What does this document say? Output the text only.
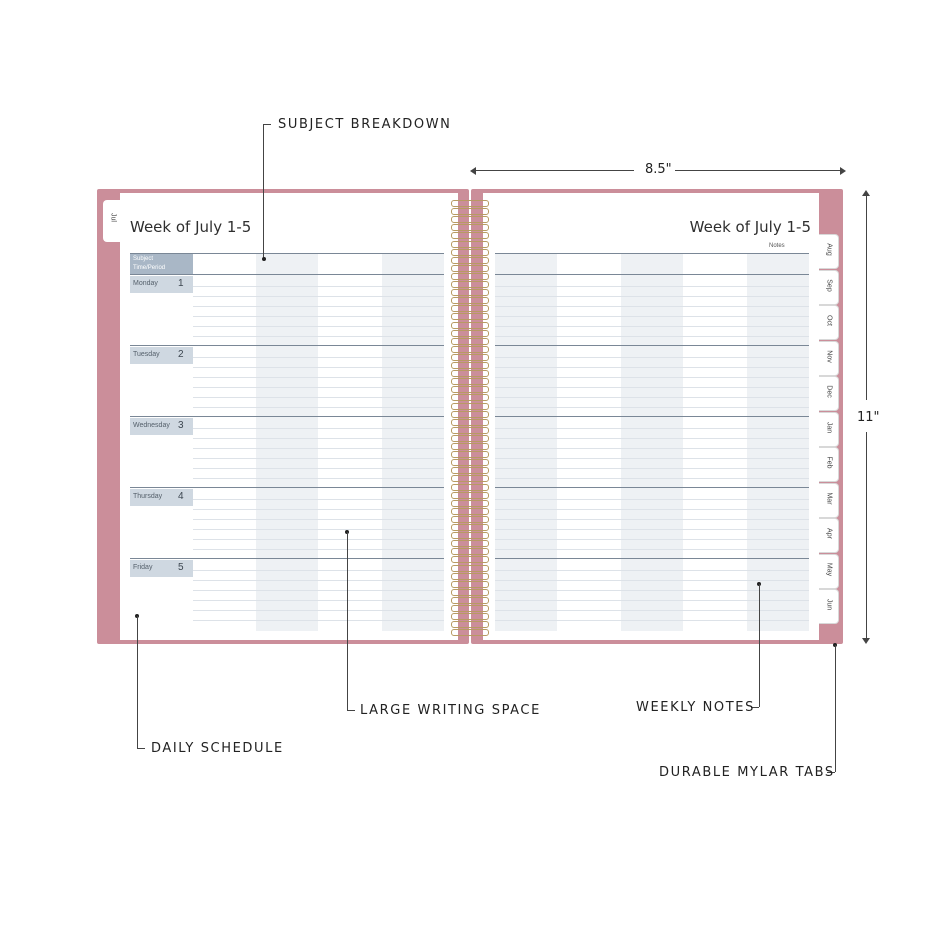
8.5"
11"
Jul
Week of July 1-5
Subject
Time/Period
Monday 1
Tuesday 2
Wednesday 3
Thursday 4
Friday	5
Week of July 1-5
Notes	Aug
Sep
Oct
Nov
Dec
Jan
Feb
Mar
Apr
May
Jun
SUBJECT BREAKDOWN
LARGE WRITING SPACE
DAILY SCHEDULE
WEEKLY NOTES
DURABLE MYLAR TABS
